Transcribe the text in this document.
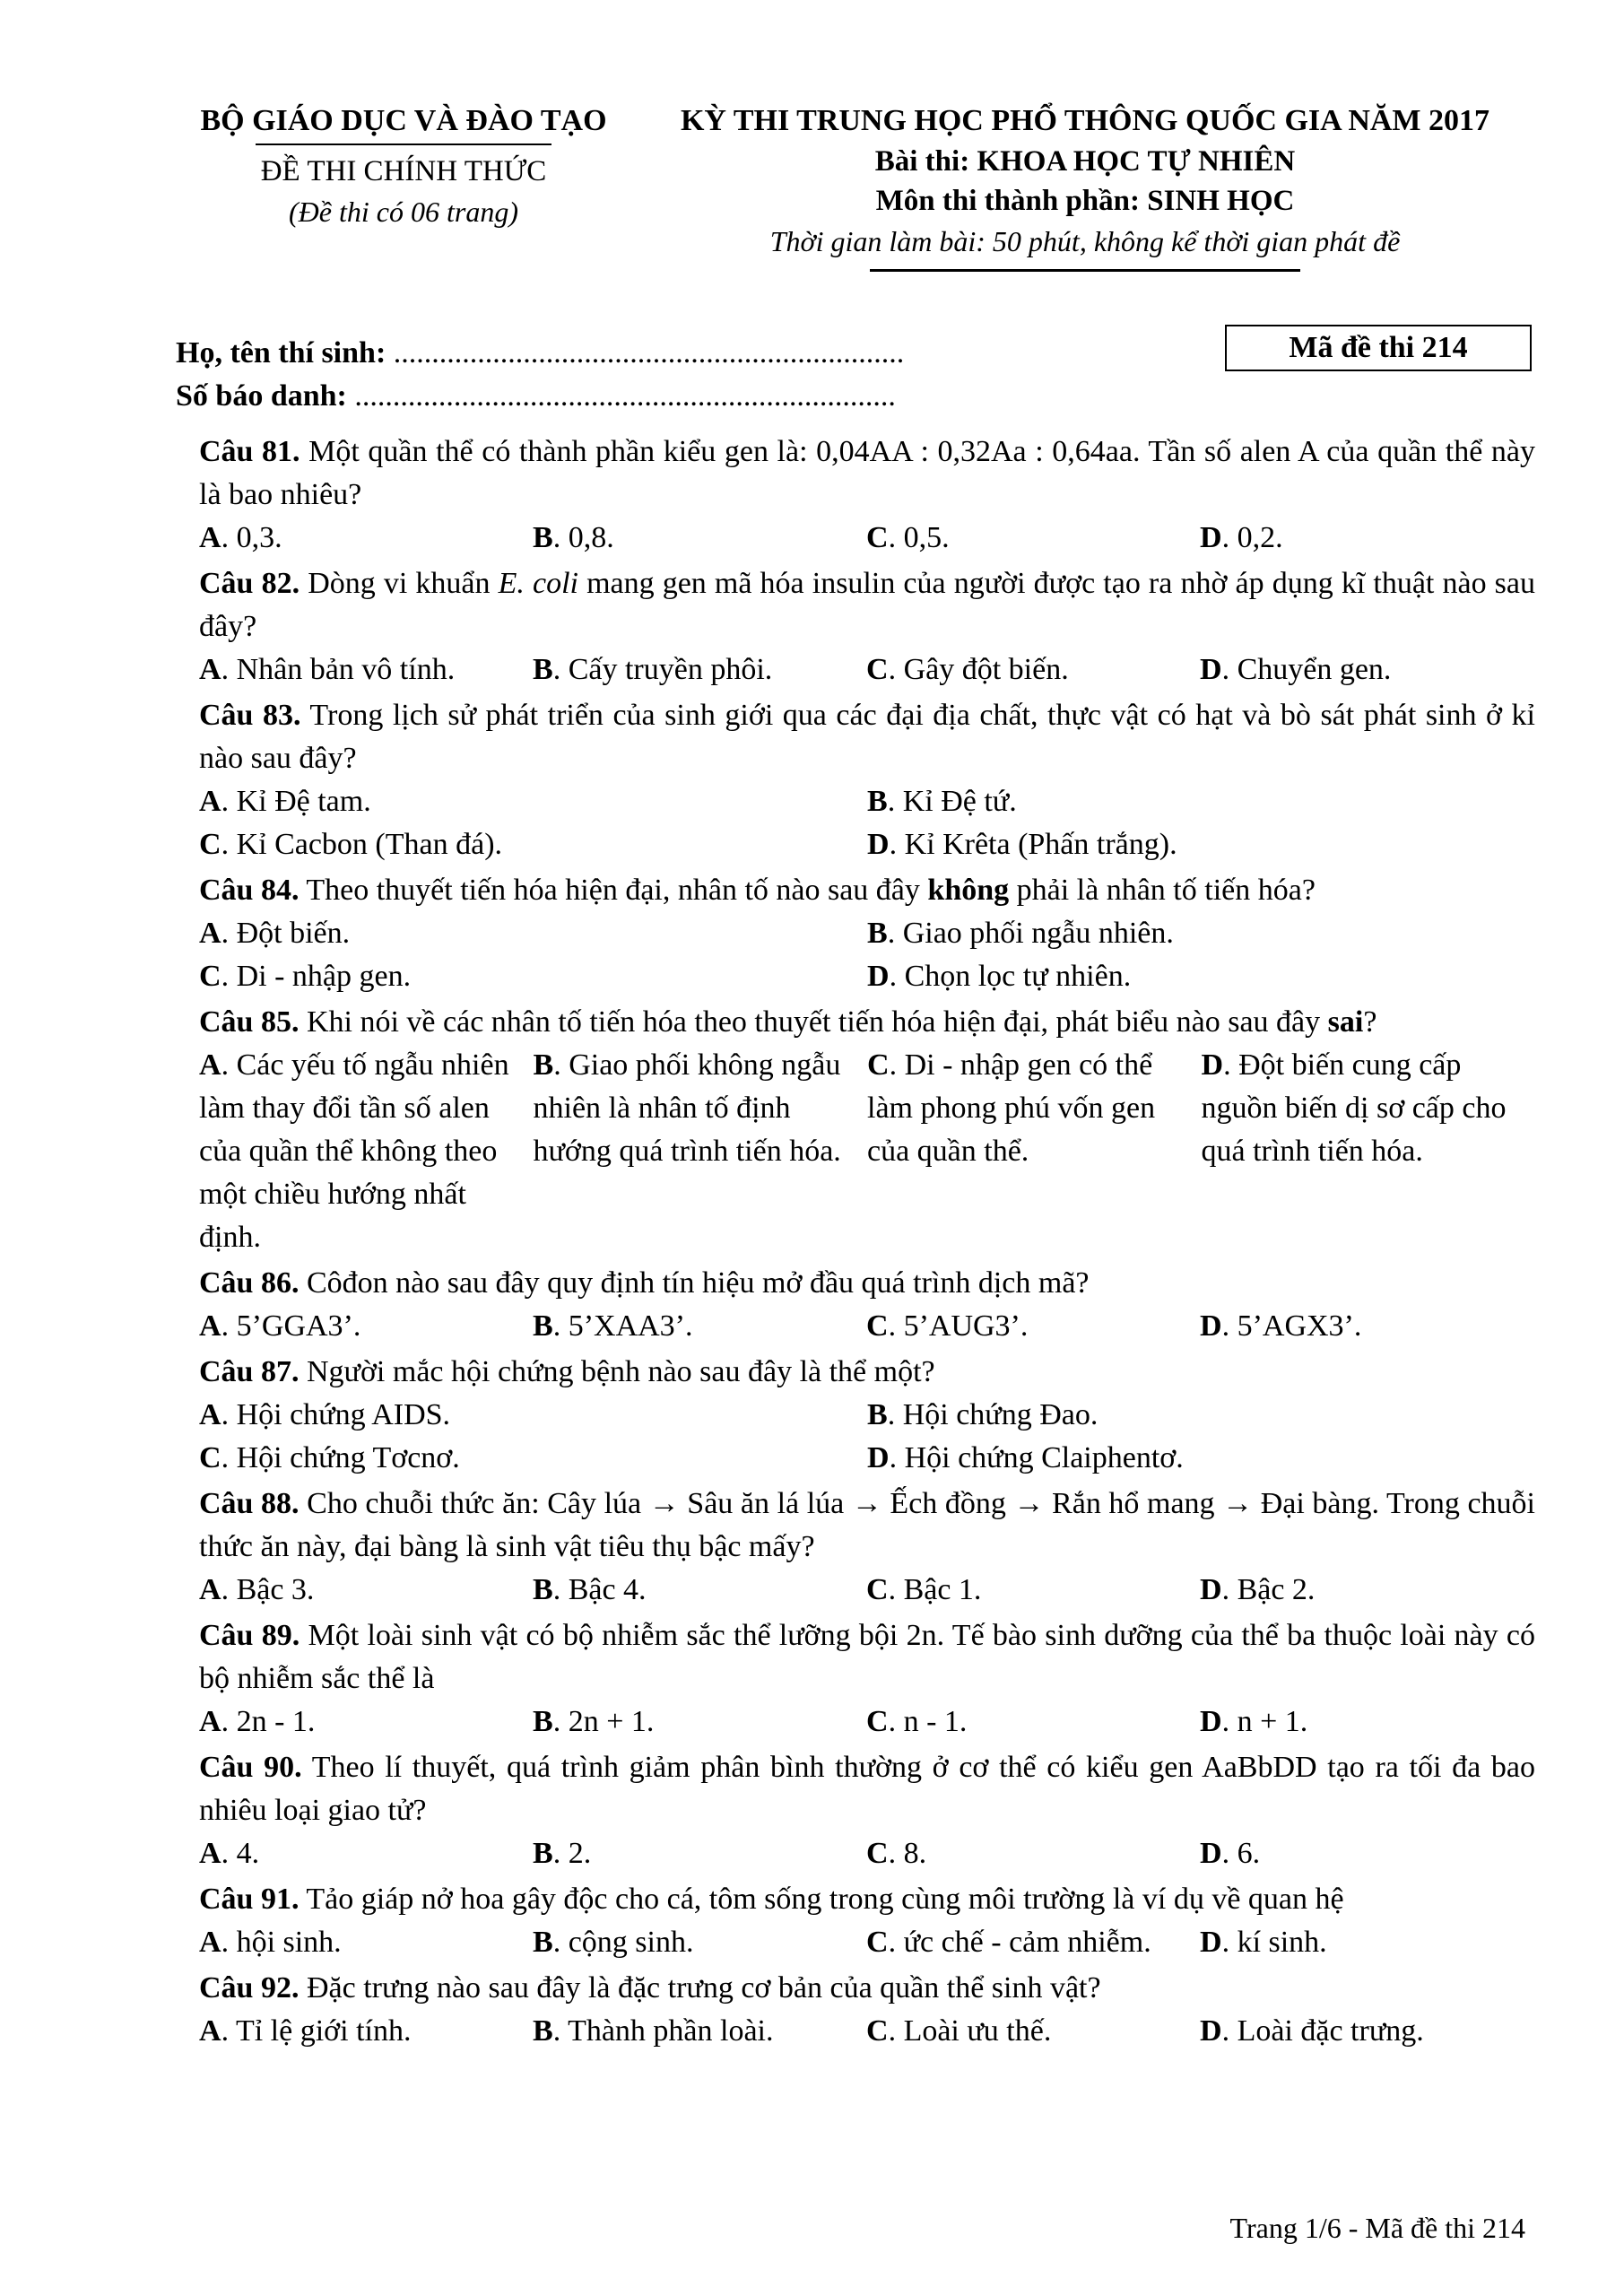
BỘ GIÁO DỤC VÀ ĐÀO TẠO
ĐỀ THI CHÍNH THỨC
(Đề thi có 06 trang)
KỲ THI TRUNG HỌC PHỔ THÔNG QUỐC GIA NĂM 2017
Bài thi: KHOA HỌC TỰ NHIÊN
Môn thi thành phần: SINH HỌC
Thời gian làm bài: 50 phút, không kể thời gian phát đề
Họ, tên thí sinh: ...................................................................
Số báo danh: .......................................................................
Mã đề thi 214
Câu 81. Một quần thể có thành phần kiểu gen là: 0,04AA : 0,32Aa : 0,64aa. Tần số alen A của quần thể này là bao nhiêu?
A. 0,3.	B. 0,8.	C. 0,5.	D. 0,2.
Câu 82. Dòng vi khuẩn E. coli mang gen mã hóa insulin của người được tạo ra nhờ áp dụng kĩ thuật nào sau đây?
A. Nhân bản vô tính.	B. Cấy truyền phôi.	C. Gây đột biến.	D. Chuyển gen.
Câu 83. Trong lịch sử phát triển của sinh giới qua các đại địa chất, thực vật có hạt và bò sát phát sinh ở kỉ nào sau đây?
A. Kỉ Đệ tam.	B. Kỉ Đệ tứ.
C. Kỉ Cacbon (Than đá).	D. Kỉ Krêta (Phấn trắng).
Câu 84. Theo thuyết tiến hóa hiện đại, nhân tố nào sau đây không phải là nhân tố tiến hóa?
A. Đột biến.	B. Giao phối ngẫu nhiên.
C. Di - nhập gen.	D. Chọn lọc tự nhiên.
Câu 85. Khi nói về các nhân tố tiến hóa theo thuyết tiến hóa hiện đại, phát biểu nào sau đây sai?
A. Các yếu tố ngẫu nhiên làm thay đổi tần số alen của quần thể không theo một chiều hướng nhất định.
B. Giao phối không ngẫu nhiên là nhân tố định hướng quá trình tiến hóa.
C. Di - nhập gen có thể làm phong phú vốn gen của quần thể.
D. Đột biến cung cấp nguồn biến dị sơ cấp cho quá trình tiến hóa.
Câu 86. Côđon nào sau đây quy định tín hiệu mở đầu quá trình dịch mã?
A. 5’GGA3’.	B. 5’XAA3’.	C. 5’AUG3’.	D. 5’AGX3’.
Câu 87. Người mắc hội chứng bệnh nào sau đây là thể một?
A. Hội chứng AIDS.	B. Hội chứng Đao.
C. Hội chứng Tơcnơ.	D. Hội chứng Claiphentơ.
Câu 88. Cho chuỗi thức ăn: Cây lúa → Sâu ăn lá lúa → Ếch đồng → Rắn hổ mang → Đại bàng. Trong chuỗi thức ăn này, đại bàng là sinh vật tiêu thụ bậc mấy?
A. Bậc 3.	B. Bậc 4.	C. Bậc 1.	D. Bậc 2.
Câu 89. Một loài sinh vật có bộ nhiễm sắc thể lưỡng bội 2n. Tế bào sinh dưỡng của thể ba thuộc loài này có bộ nhiễm sắc thể là
A. 2n - 1.	B. 2n + 1.	C. n - 1.	D. n + 1.
Câu 90. Theo lí thuyết, quá trình giảm phân bình thường ở cơ thể có kiểu gen AaBbDD tạo ra tối đa bao nhiêu loại giao tử?
A. 4.	B. 2.	C. 8.	D. 6.
Câu 91. Tảo giáp nở hoa gây độc cho cá, tôm sống trong cùng môi trường là ví dụ về quan hệ
A. hội sinh.	B. cộng sinh.	C. ức chế - cảm nhiễm.	D. kí sinh.
Câu 92. Đặc trưng nào sau đây là đặc trưng cơ bản của quần thể sinh vật?
A. Tỉ lệ giới tính.	B. Thành phần loài.	C. Loài ưu thế.	D. Loài đặc trưng.
Trang 1/6 - Mã đề thi 214
